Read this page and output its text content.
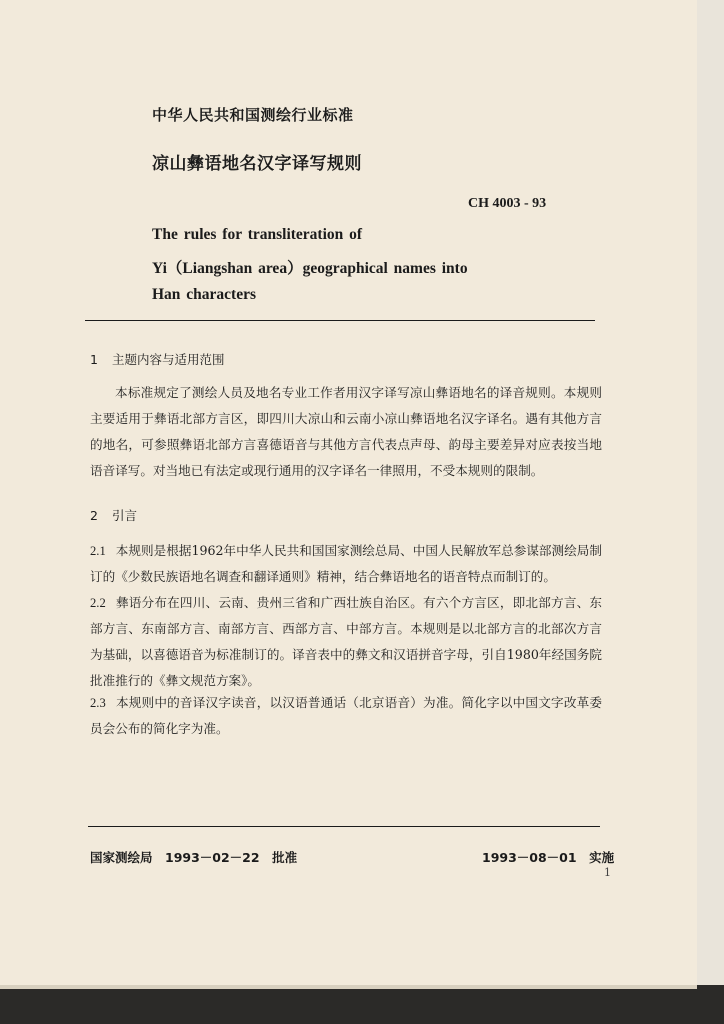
中华人民共和国测绘行业标准
凉山彝语地名汉字译写规则
CH 4003 - 93
The rules for transliteration of
Yi（Liangshan area）geographical names into
Han characters
1 主题内容与适用范围
本标准规定了测绘人员及地名专业工作者用汉字译写凉山彝语地名的译音规则。本规则主要适用于彝语北部方言区，即四川大凉山和云南小凉山彝语地名汉字译名。遇有其他方言的地名，可参照彝语北部方言喜德语音与其他方言代表点声母、韵母主要差异对应表按当地语音译写。对当地已有法定或现行通用的汉字译名一律照用，不受本规则的限制。
2 引言
2.1 本规则是根据1962年中华人民共和国国家测绘总局、中国人民解放军总参谋部测绘局制订的《少数民族语地名调查和翻译通则》精神，结合彝语地名的语音特点而制订的。
2.2 彝语分布在四川、云南、贵州三省和广西壮族自治区。有六个方言区，即北部方言、东部方言、东南部方言、南部方言、西部方言、中部方言。本规则是以北部方言的北部次方言为基础，以喜德语音为标准制订的。译音表中的彝文和汉语拼音字母，引自1980年经国务院批准推行的《彝文规范方案》。
2.3 本规则中的音译汉字读音，以汉语普通话（北京语音）为准。简化字以中国文字改革委员会公布的简化字为准。
国家测绘局　1993－02－22　批准	1993－08－01　实施
1
